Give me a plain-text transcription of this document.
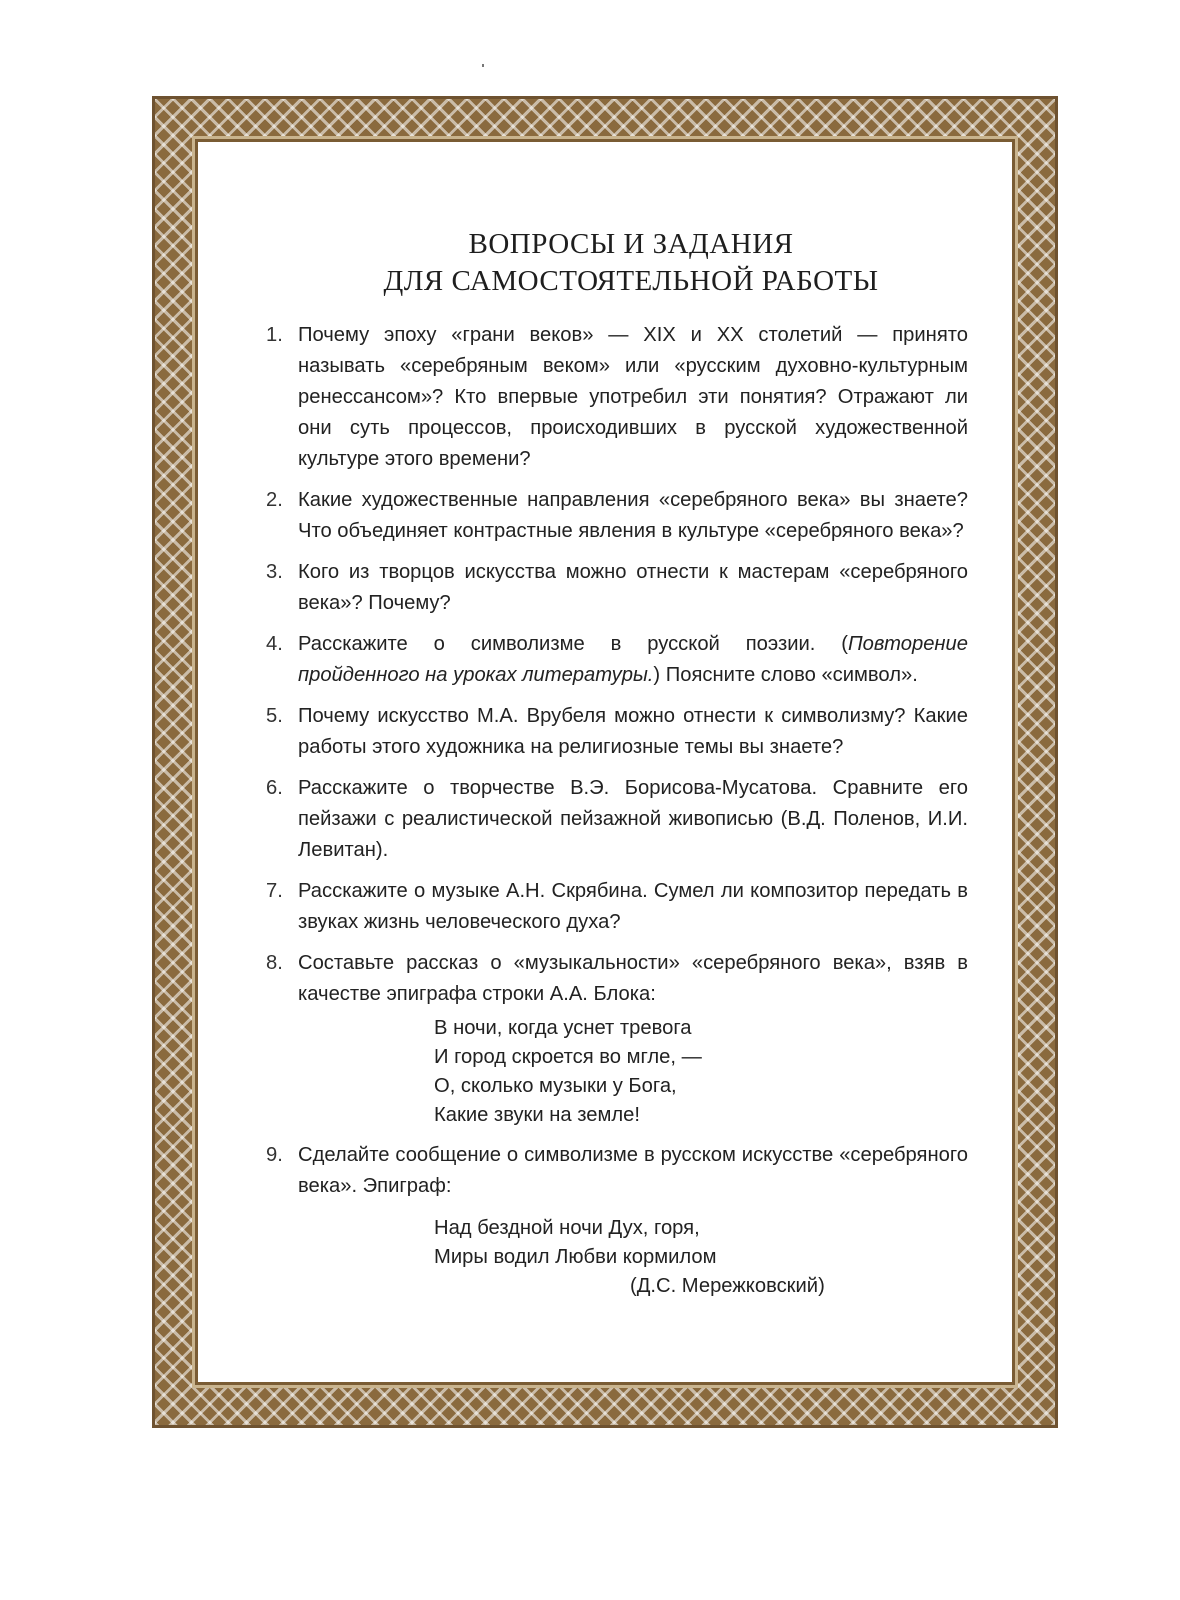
ВОПРОСЫ И ЗАДАНИЯ
ДЛЯ САМОСТОЯТЕЛЬНОЙ РАБОТЫ
1. Почему эпоху «грани веков» — XIX и XX столетий — принято называть «серебряным веком» или «русским духовно-культурным ренессансом»? Кто впервые употребил эти понятия? Отражают ли они суть процессов, происходивших в русской художественной культуре этого времени?
2. Какие художественные направления «серебряного века» вы знаете? Что объединяет контрастные явления в культуре «серебряного века»?
3. Кого из творцов искусства можно отнести к мастерам «серебряного века»? Почему?
4. Расскажите о символизме в русской поэзии. (Повторение пройденного на уроках литературы.) Поясните слово «символ».
5. Почему искусство М.А. Врубеля можно отнести к символизму? Какие работы этого художника на религиозные темы вы знаете?
6. Расскажите о творчестве В.Э. Борисова-Мусатова. Сравните его пейзажи с реалистической пейзажной живописью (В.Д. Поленов, И.И. Левитан).
7. Расскажите о музыке А.Н. Скрябина. Сумел ли композитор передать в звуках жизнь человеческого духа?
8. Составьте рассказ о «музыкальности» «серебряного века», взяв в качестве эпиграфа строки А.А. Блока:
В ночи, когда уснет тревога
И город скроется во мгле, —
О, сколько музыки у Бога,
Какие звуки на земле!
9. Сделайте сообщение о символизме в русском искусстве «серебряного века». Эпиграф:
Над бездной ночи Дух, горя,
Миры водил Любви кормилом
(Д.С. Мережковский)
